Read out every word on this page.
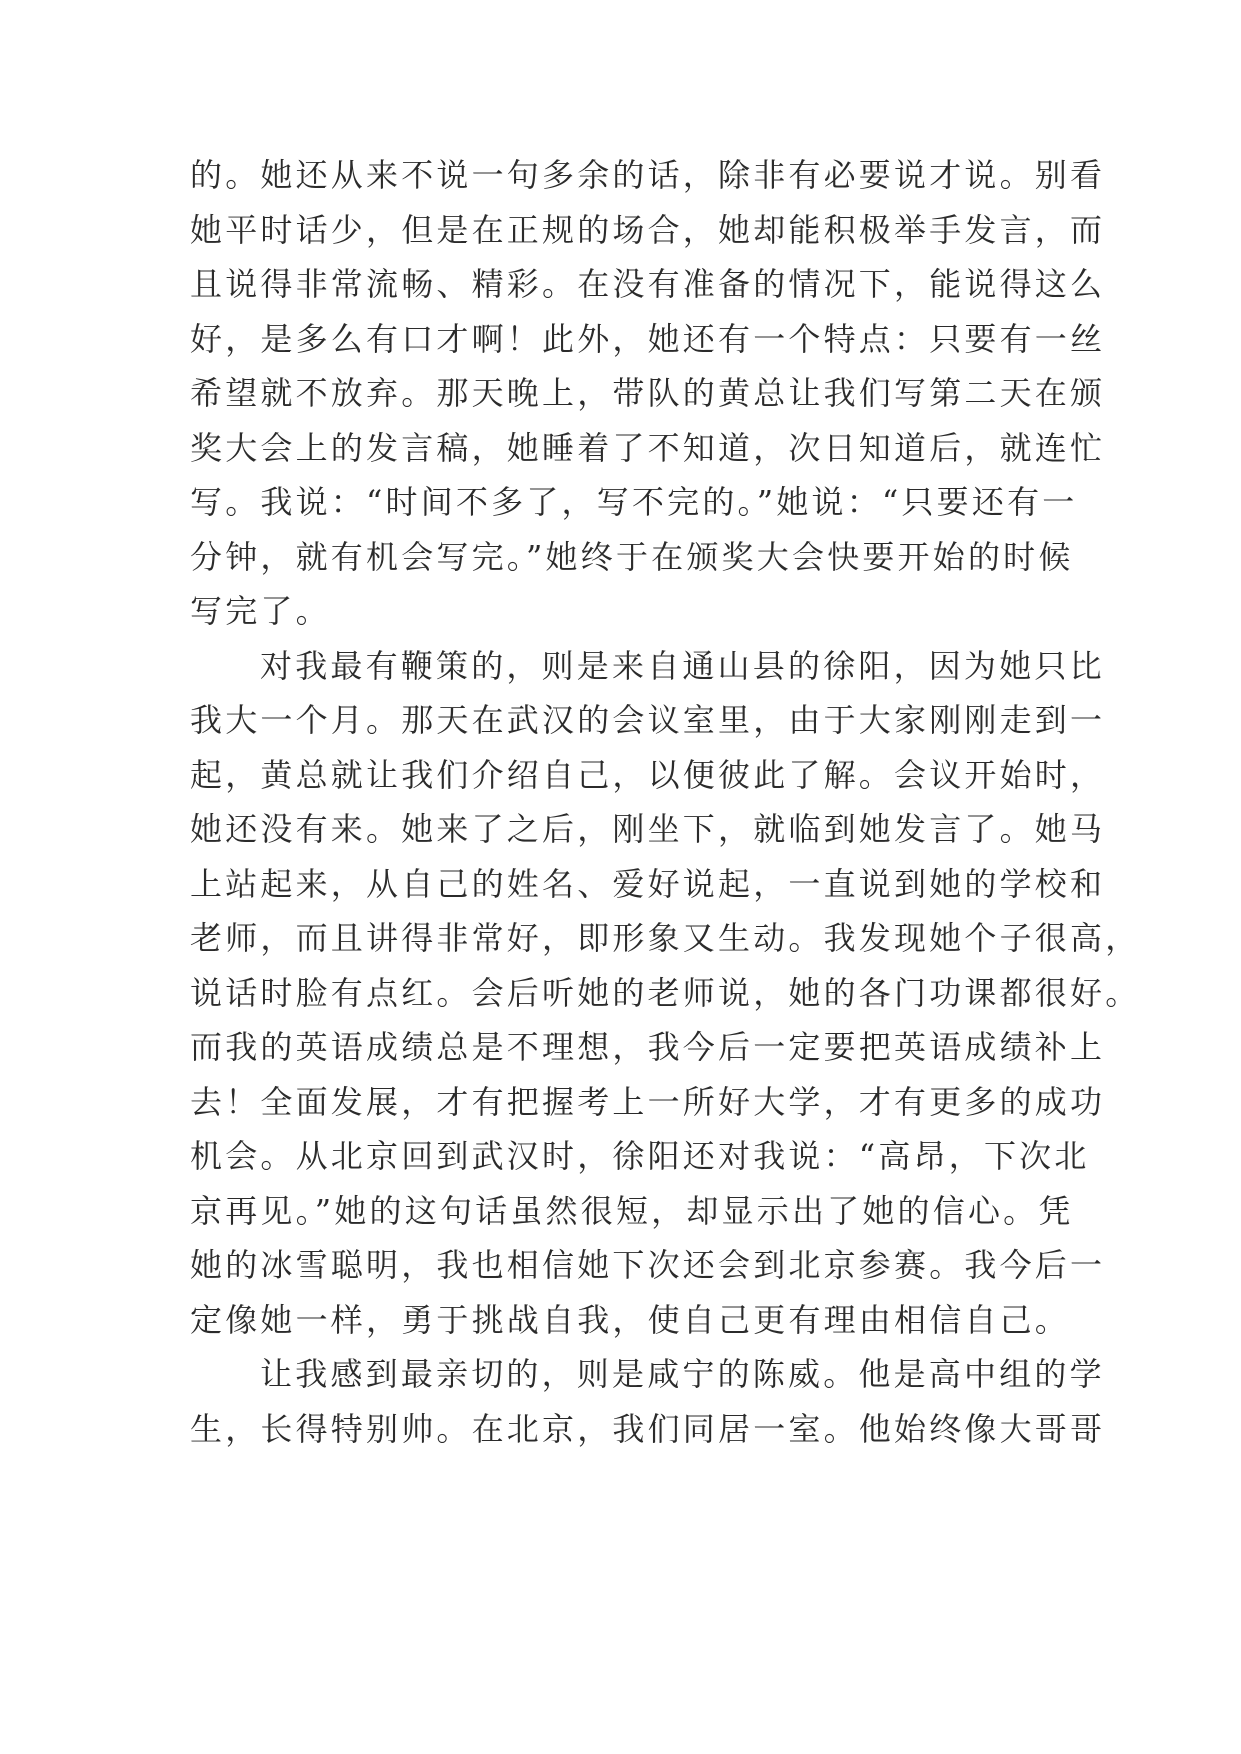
的。她还从来不说一句多余的话，除非有必要说才说。别看
她平时话少，但是在正规的场合，她却能积极举手发言，而
且说得非常流畅、精彩。在没有准备的情况下，能说得这么
好，是多么有口才啊！此外，她还有一个特点：只要有一丝
希望就不放弃。那天晚上，带队的黄总让我们写第二天在颁
奖大会上的发言稿，她睡着了不知道，次日知道后，就连忙
写。我说：“时间不多了，写不完的。”她说：“只要还有一
分钟，就有机会写完。”她终于在颁奖大会快要开始的时候
写完了。
对我最有鞭策的，则是来自通山县的徐阳，因为她只比
我大一个月。那天在武汉的会议室里，由于大家刚刚走到一
起，黄总就让我们介绍自己，以便彼此了解。会议开始时，
她还没有来。她来了之后，刚坐下，就临到她发言了。她马
上站起来，从自己的姓名、爱好说起，一直说到她的学校和
老师，而且讲得非常好，即形象又生动。我发现她个子很高，
说话时脸有点红。会后听她的老师说，她的各门功课都很好。
而我的英语成绩总是不理想，我今后一定要把英语成绩补上
去！全面发展，才有把握考上一所好大学，才有更多的成功
机会。从北京回到武汉时，徐阳还对我说：“高昂，下次北
京再见。”她的这句话虽然很短，却显示出了她的信心。凭
她的冰雪聪明，我也相信她下次还会到北京参赛。我今后一
定像她一样，勇于挑战自我，使自己更有理由相信自己。
让我感到最亲切的，则是咸宁的陈威。他是高中组的学
生，长得特别帅。在北京，我们同居一室。他始终像大哥哥
